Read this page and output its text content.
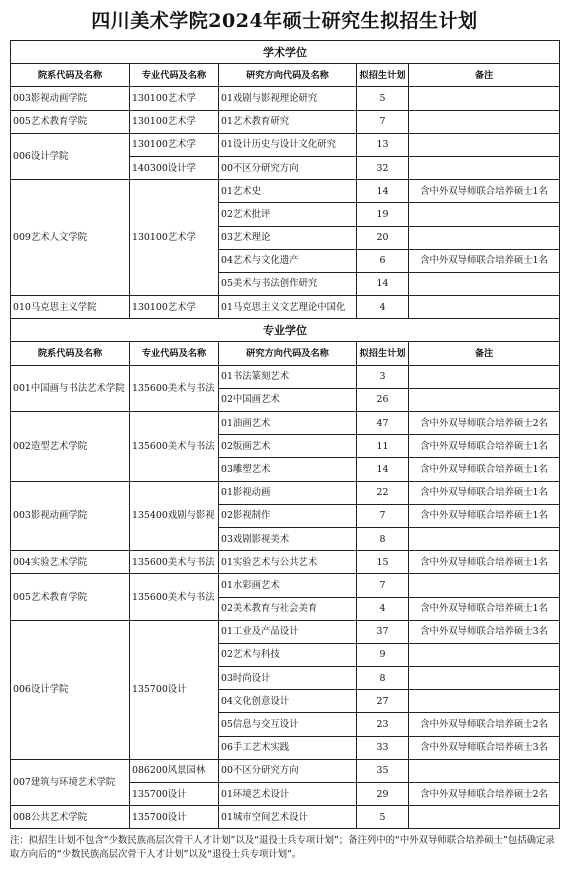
四川美术学院2024年硕士研究生拟招生计划
学术学位				
院系代码及名称	专业代码及名称	研究方向代码及名称	拟招生计划	备注
003影视动画学院	130100艺术学	01戏剧与影视理论研究	5	
005艺术教育学院	130100艺术学	01艺术教育研究	7	
006设计学院	130100艺术学	01设计历史与设计文化研究	13	
	140300设计学	00不区分研究方向	32	
009艺术人文学院	130100艺术学	01艺术史	14	含中外双导师联合培养硕士1名
		02艺术批评	19	
		03艺术理论	20	
		04艺术与文化遗产	6	含中外双导师联合培养硕士1名
		05美术与书法创作研究	14	
010马克思主义学院	130100艺术学	01马克思主义文艺理论中国化	4	
专业学位				
院系代码及名称	专业代码及名称	研究方向代码及名称	拟招生计划	备注
001中国画与书法艺术学院	135600美术与书法	01书法篆刻艺术	3	
		02中国画艺术	26	
002造型艺术学院	135600美术与书法	01油画艺术	47	含中外双导师联合培养硕士2名
		02版画艺术	11	含中外双导师联合培养硕士1名
		03雕塑艺术	14	含中外双导师联合培养硕士1名
003影视动画学院	135400戏剧与影视	01影视动画	22	含中外双导师联合培养硕士1名
		02影视制作	7	含中外双导师联合培养硕士1名
		03戏剧影视美术	8	
004实验艺术学院	135600美术与书法	01实验艺术与公共艺术	15	含中外双导师联合培养硕士1名
005艺术教育学院	135600美术与书法	01水彩画艺术	7	
		02美术教育与社会美育	4	含中外双导师联合培养硕士1名
006设计学院	135700设计	01工业及产品设计	37	含中外双导师联合培养硕士3名
		02艺术与科技	9	
		03时尚设计	8	
		04文化创意设计	27	
		05信息与交互设计	23	含中外双导师联合培养硕士2名
		06手工艺术实践	33	含中外双导师联合培养硕士3名
007建筑与环境艺术学院	086200风景园林	00不区分研究方向	35	
	135700设计	01环境艺术设计	29	含中外双导师联合培养硕士2名
008公共艺术学院	135700设计	01城市空间艺术设计	5	
注：拟招生计划不包含“少数民族高层次骨干人才计划”以及“退役士兵专项计划”；备注列中的“中外双导师联合培养硕士”包括确定录取方向后的“少数民族高层次骨干人才计划”以及“退役士兵专项计划”。
